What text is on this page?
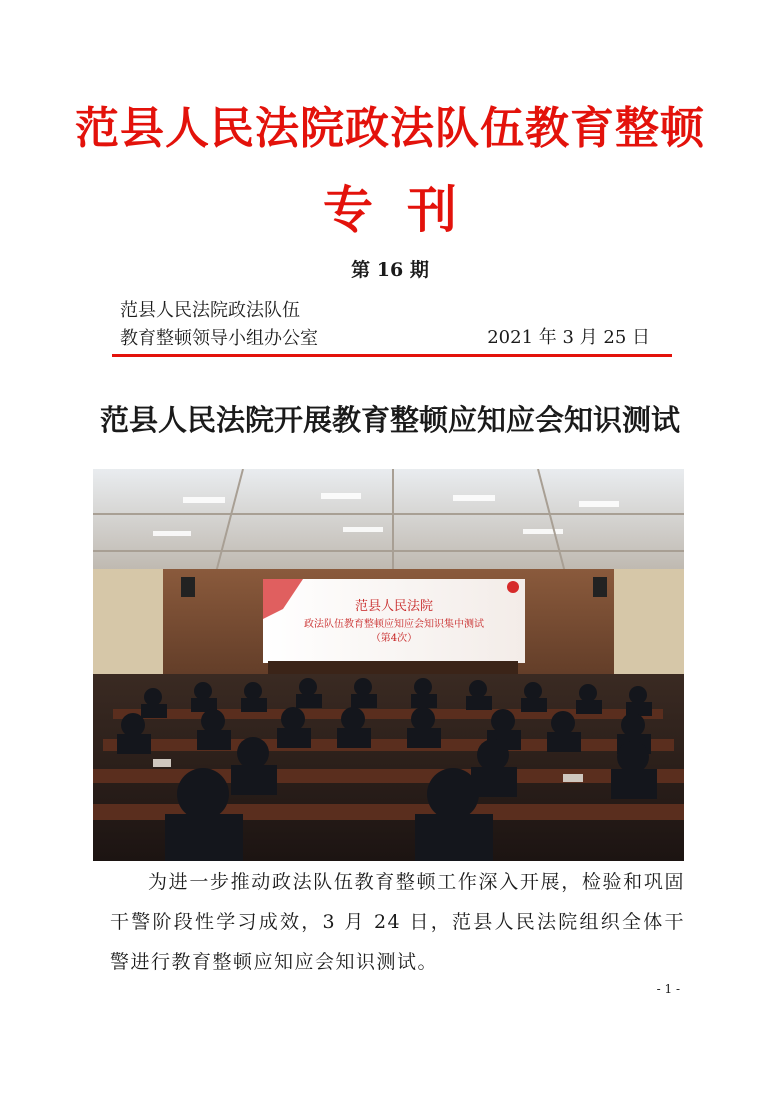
范县人民法院政法队伍教育整顿
专刊
第 16 期
范县人民法院政法队伍
教育整顿领导小组办公室	2021 年 3 月 25 日
范县人民法院开展教育整顿应知应会知识测试
范县人民法院
政法队伍教育整顿应知应会知识集中测试
（第4次）
为进一步推动政法队伍教育整顿工作深入开展，检验和巩固干警阶段性学习成效，3 月 24 日，范县人民法院组织全体干警进行教育整顿应知应会知识测试。
- 1 -
